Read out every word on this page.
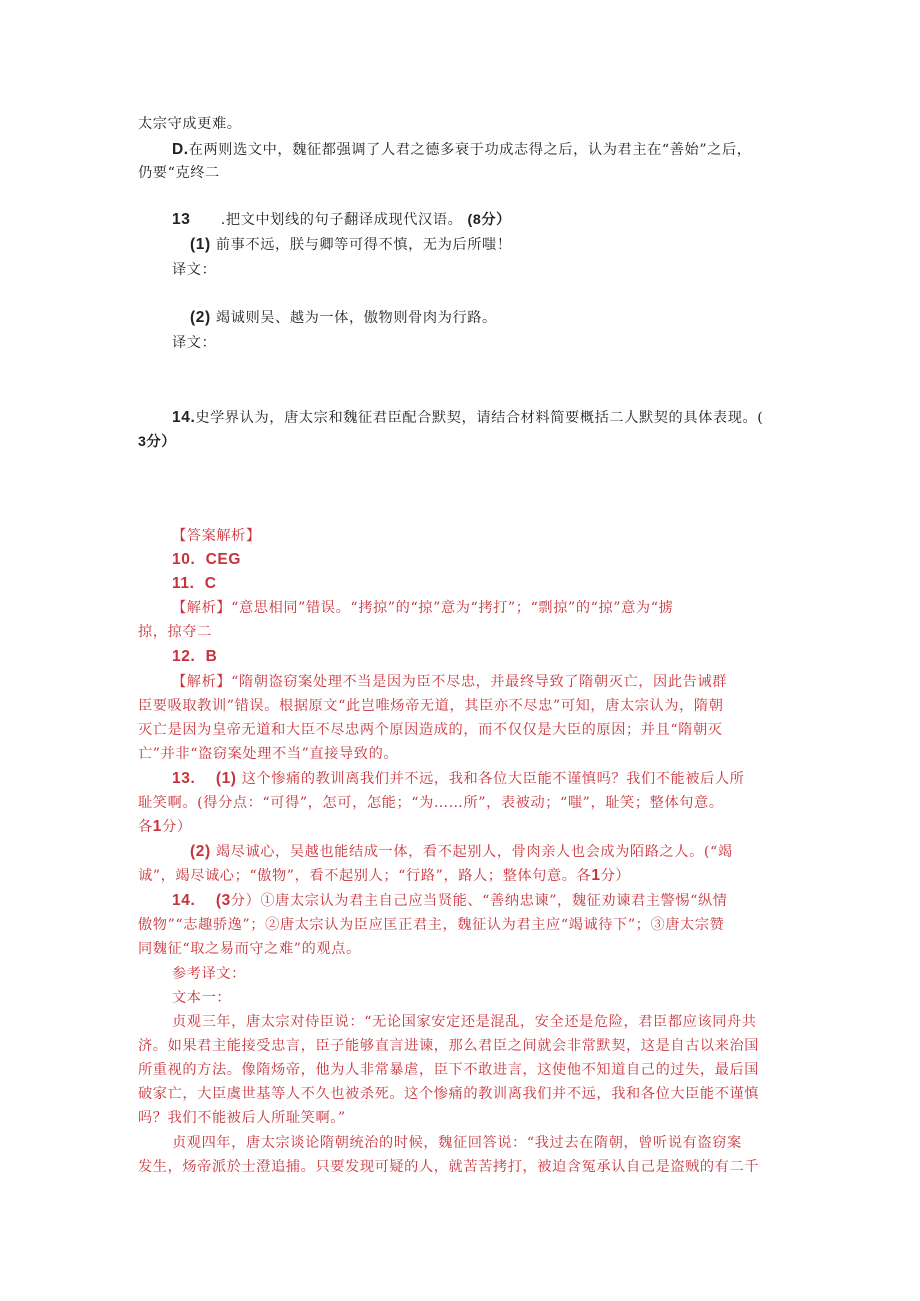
太宗守成更难。
D.在两则选文中，魏征都强调了人君之德多衰于功成志得之后，认为君主在“善始”之后，
仍要“克终二
13 .把文中划线的句子翻译成现代汉语。 (8分）
(1) 前事不远，朕与卿等可得不慎，无为后所嗤！
译文：
(2) 竭诚则吴、越为一体，傲物则骨肉为行路。
译文：
14.史学界认为，唐太宗和魏征君臣配合默契，请结合材料简要概括二人默契的具体表现。(
3分）
【答案解析】
10. CEG
11. C
【解析】“意思相同”错误。“拷掠”的“掠”意为“拷打”；“剽掠”的“掠”意为“掳
掠，掠夺二
12. B
【解析】“隋朝盗窃案处理不当是因为臣不尽忠，并最终导致了隋朝灭亡，因此告诫群
臣要吸取教训”错误。根据原文“此岂唯炀帝无道，其臣亦不尽忠”可知，唐太宗认为，隋朝
灭亡是因为皇帝无道和大臣不尽忠两个原因造成的，而不仅仅是大臣的原因；并且“隋朝灭
亡”并非“盗窃案处理不当”直接导致的。
13. (1) 这个惨痛的教训离我们并不远，我和各位大臣能不谨慎吗？我们不能被后人所
耻笑啊。(得分点：“可得”，怎可，怎能；“为……所”，表被动；“嗤”，耻笑；整体句意。
各1分）
(2) 竭尽诚心，吴越也能结成一体，看不起别人，骨肉亲人也会成为陌路之人。(“竭
诚”，竭尽诚心；“傲物”，看不起别人；“行路”，路人；整体句意。各1分）
14. (3分）①唐太宗认为君主自己应当贤能、“善纳忠谏”，魏征劝谏君主警惕“纵情
傲物”“志趣骄逸”；②唐太宗认为臣应匡正君主，魏征认为君主应“竭诚待下”；③唐太宗赞
同魏征“取之易而守之难”的观点。
参考译文：
文本一：
贞观三年，唐太宗对侍臣说：“无论国家安定还是混乱，安全还是危险，君臣都应该同舟共
济。如果君主能接受忠言，臣子能够直言进谏，那么君臣之间就会非常默契，这是自古以来治国
所重视的方法。像隋炀帝，他为人非常暴虐，臣下不敢进言，这使他不知道自己的过失，最后国
破家亡，大臣虞世基等人不久也被杀死。这个惨痛的教训离我们并不远，我和各位大臣能不谨慎
吗？我们不能被后人所耻笑啊。”
贞观四年，唐太宗谈论隋朝统治的时候，魏征回答说：“我过去在隋朝，曾听说有盗窃案
发生，炀帝派於士澄追捕。只要发现可疑的人，就苦苦拷打，被迫含冤承认自己是盗贼的有二千
